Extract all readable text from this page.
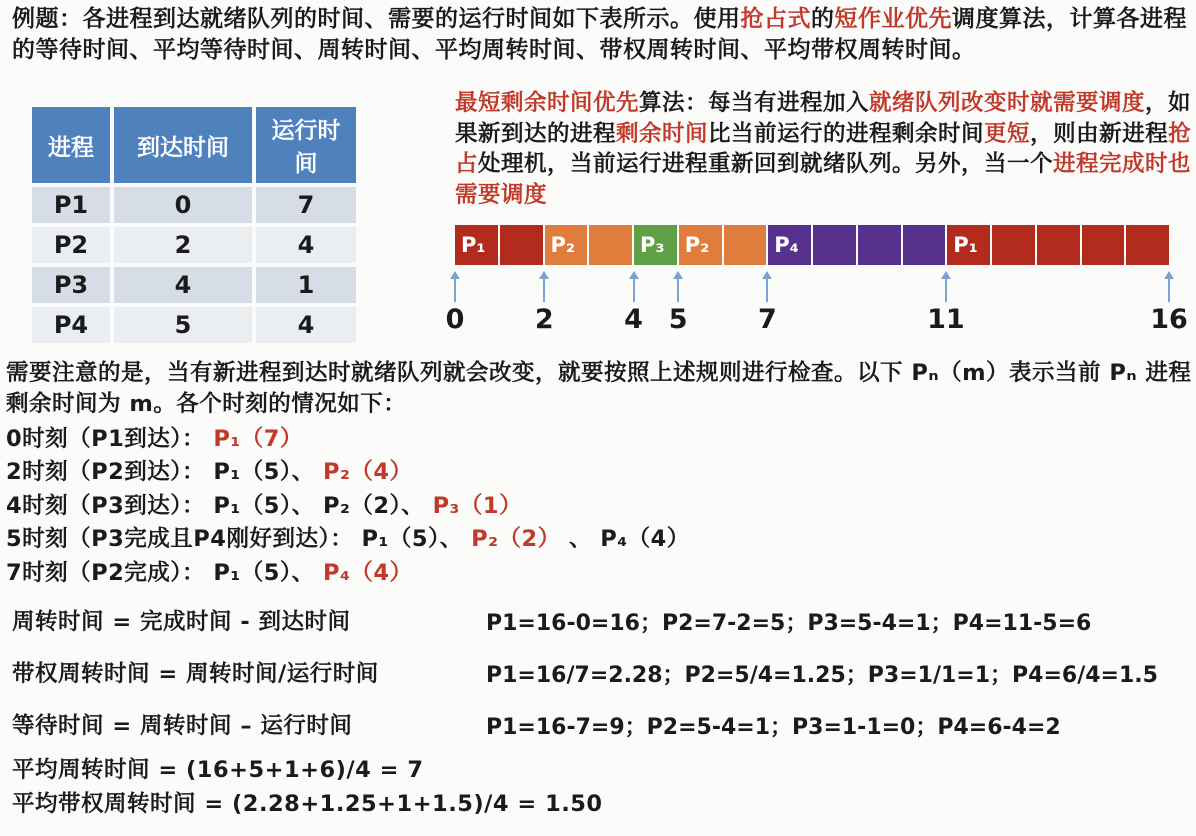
例题：各进程到达就绪队列的时间、需要的运行时间如下表所示。使用抢占式的短作业优先调度算法，计算各进程的等待时间、平均等待时间、周转时间、平均周转时间、带权周转时间、平均带权周转时间。

进程	到达时间	运行时间
P1	0	7
P2	2	4
P3	4	1
P4	5	4

最短剩余时间优先算法：每当有进程加入就绪队列改变时就需要调度，如果新到达的进程剩余时间比当前运行的进程剩余时间更短，则由新进程抢占处理机，当前运行进程重新回到就绪队列。另外，当一个进程完成时也需要调度

P₁	P₂	P₃ P₂	P₄	P₁
0	2	4 5	7	11	16

需要注意的是，当有新进程到达时就绪队列就会改变，就要按照上述规则进行检查。以下 Pₙ（m）表示当前 Pₙ 进程剩余时间为 m。各个时刻的情况如下：

0时刻（P1到达）： P₁（7）
2时刻（P2到达）： P₁（5）、 P₂（4）
4时刻（P3到达）： P₁（5）、 P₂（2）、 P₃（1）
5时刻（P3完成且P4刚好到达）： P₁（5）、 P₂（2） 、 P₄（4）
7时刻（P2完成）： P₁（5）、 P₄（4）
周转时间 = 完成时间 - 到达时间	P1=16-0=16；P2=7-2=5；P3=5-4=1；P4=11-5=6
带权周转时间 = 周转时间/运行时间	P1=16/7=2.28；P2=5/4=1.25；P3=1/1=1；P4=6/4=1.5
等待时间 = 周转时间 – 运行时间	P1=16-7=9；P2=5-4=1；P3=1-1=0；P4=6-4=2

平均周转时间 = (16+5+1+6)/4 = 7

平均带权周转时间 = (2.28+1.25+1+1.5)/4 = 1.50
